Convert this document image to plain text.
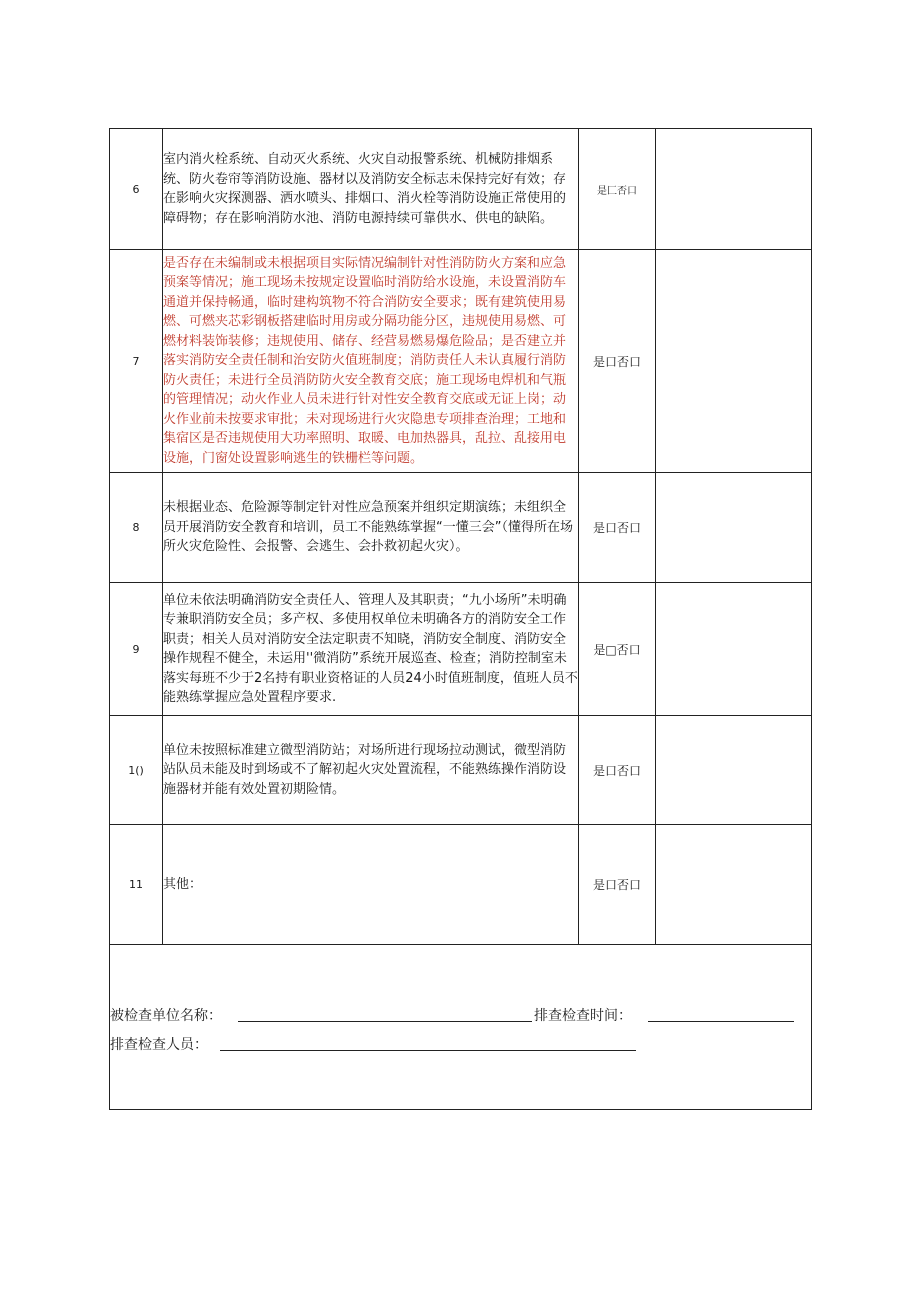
6	室内消火栓系统、自动灭火系统、火灾自动报警系统、机械防排烟系统、防火卷帘等消防设施、器材以及消防安全标志未保持完好有效；存在影响火灾探测器、洒水喷头、排烟口、消火栓等消防设施正常使用的障碍物；存在影响消防水池、消防电源持续可靠供水、供电的缺陷。	是匚否口	
7	是否存在未编制或未根据项目实际情况编制针对性消防防火方案和应急预案等情况；施工现场未按规定设置临时消防给水设施，未设置消防车通道并保持畅通，临时建构筑物不符合消防安全要求；既有建筑使用易燃、可燃夹芯彩钢板搭建临时用房或分隔功能分区，违规使用易燃、可燃材料装饰装修；违规使用、储存、经营易燃易爆危险品；是否建立并落实消防安全责任制和治安防火值班制度；消防责任人未认真履行消防防火责任；未进行全员消防防火安全教育交底；施工现场电焊机和气瓶的管理情况；动火作业人员未进行针对性安全教育交底或无证上岗；动火作业前未按要求审批；未对现场进行火灾隐患专项排查治理；工地和集宿区是否违规使用大功率照明、取暖、电加热器具，乱拉、乱接用电设施，门窗处设置影响逃生的铁栅栏等问题。	是口否口	
8	未根据业态、危险源等制定针对性应急预案并组织定期演练；未组织全员开展消防安全教育和培训，员工不能熟练掌握“一懂三会”（懂得所在场所火灾危险性、会报警、会逃生、会扑救初起火灾）。	是口否口	
9	单位未依法明确消防安全责任人、管理人及其职责；“九小场所”未明确专兼职消防安全员；多产权、多使用权单位未明确各方的消防安全工作职责；相关人员对消防安全法定职责不知晓，消防安全制度、消防安全操作规程不健全，未运用''微消防”系统开展巡查、检查；消防控制室未落实每班不少于2名持有职业资格证的人员24小时值班制度，值班人员不能熟练掌握应急处置程序要求.	是□否口	
1()	单位未按照标准建立微型消防站；对场所进行现场拉动测试，微型消防站队员未能及时到场或不了解初起火灾处置流程，不能熟练操作消防设施器材并能有效处置初期险情。	是口否口	
11	其他：	是口否口	

被检查单位名称： 排查检查时间：
排查检查人员：			
